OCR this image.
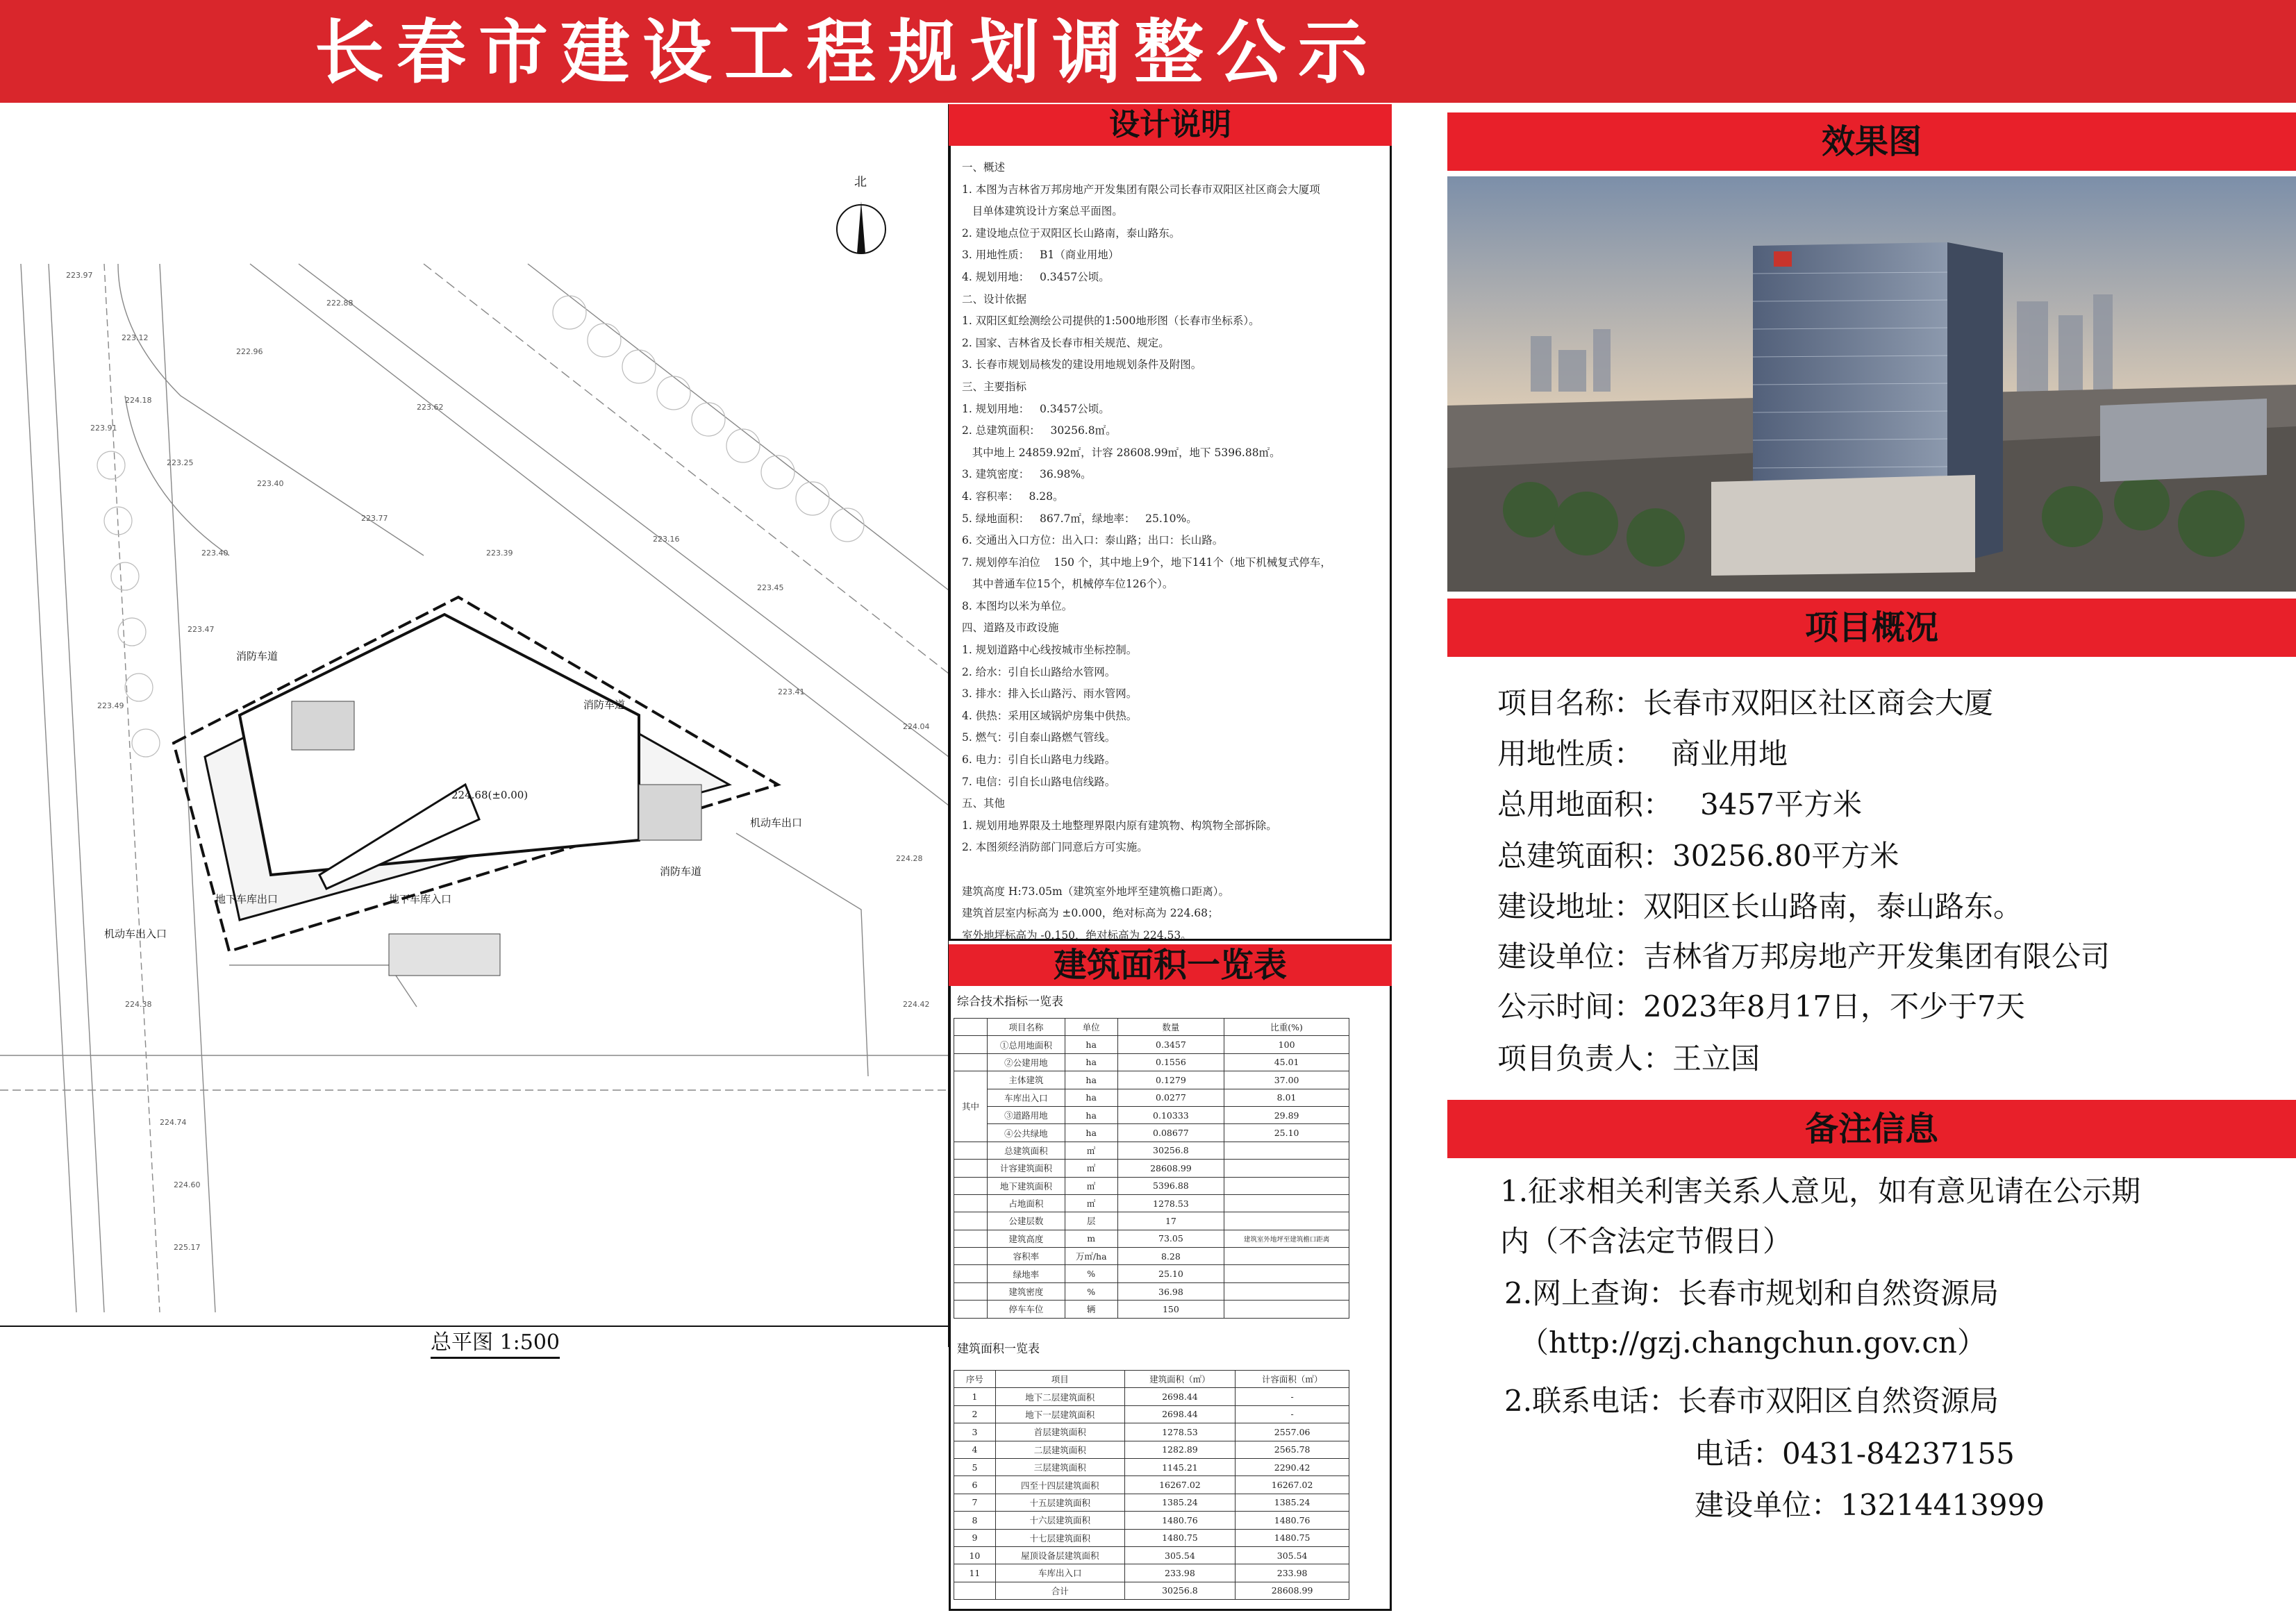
长春市建设工程规划调整公示
223.97
223.12
222.96
222.88
223.62
224.18
223.91
223.25
223.40
223.77
223.39
223.16
223.45
223.40
223.47
223.49
223.41
224.04
224.28
224.42
224.38
224.74
224.60
225.17
消防车道
消防车道
消防车道
地下车库入口
机动车出口
机动车出入口
地下车库出口
224.68(±0.00)
北
总平图 1:500
设计说明
一、概述
1. 本图为吉林省万邦房地产开发集团有限公司长春市双阳区社区商会大厦项
目单体建筑设计方案总平面图。
2. 建设地点位于双阳区长山路南，泰山路东。
3. 用地性质：   B1（商业用地）
4. 规划用地：   0.3457公顷。
二、设计依据
1. 双阳区虹绘测绘公司提供的1:500地形图（长春市坐标系）。
2. 国家、吉林省及长春市相关规范、规定。
3. 长春市规划局核发的建设用地规划条件及附图。
三、主要指标
1. 规划用地：   0.3457公顷。
2. 总建筑面积：   30256.8㎡。
其中地上 24859.92㎡，计容 28608.99㎡，地下 5396.88㎡。
3. 建筑密度：   36.98%。
4. 容积率：   8.28。
5. 绿地面积：   867.7㎡，绿地率：   25.10%。
6. 交通出入口方位：出入口：泰山路；出口：长山路。
7. 规划停车泊位    150 个，其中地上9个，地下141个（地下机械复式停车，
其中普通车位15个，机械停车位126个）。
8. 本图均以米为单位。
四、道路及市政设施
1. 规划道路中心线按城市坐标控制。
2. 给水：引自长山路给水管网。
3. 排水：排入长山路污、雨水管网。
4. 供热：采用区域锅炉房集中供热。
5. 燃气：引自泰山路燃气管线。
6. 电力：引自长山路电力线路。
7. 电信：引自长山路电信线路。
五、其他
1. 规划用地界限及土地整理界限内原有建筑物、构筑物全部拆除。
2. 本图须经消防部门同意后方可实施。

建筑高度 H:73.05m（建筑室外地坪至建筑檐口距离）。
建筑首层室内标高为 ±0.000，绝对标高为 224.68；
室外地坪标高为 -0.150，绝对标高为 224.53。
建筑面积一览表
综合技术指标一览表
	项目名称	单位	数量	比重(%)
	①总用地面积	ha	0.3457	100
	②公建用地	ha	0.1556	45.01
其中	主体建筑	ha	0.1279	37.00
	车库出入口	ha	0.0277	8.01
	③道路用地	ha	0.10333	29.89
	④公共绿地	ha	0.08677	25.10
	总建筑面积	㎡	30256.8	
	计容建筑面积	㎡	28608.99	
	地下建筑面积	㎡	5396.88	
	占地面积	㎡	1278.53	
	公建层数	层	17	
	建筑高度	m	73.05	建筑室外地坪至建筑檐口距离
	容积率	万㎡/ha	8.28	
	绿地率	%	25.10	
	建筑密度	%	36.98	
	停车车位	辆	150	
建筑面积一览表
序号	项目	建筑面积（㎡）	计容面积（㎡）
1	地下二层建筑面积	2698.44	-
2	地下一层建筑面积	2698.44	-
3	首层建筑面积	1278.53	2557.06
4	二层建筑面积	1282.89	2565.78
5	三层建筑面积	1145.21	2290.42
6	四至十四层建筑面积	16267.02	16267.02
7	十五层建筑面积	1385.24	1385.24
8	十六层建筑面积	1480.76	1480.76
9	十七层建筑面积	1480.75	1480.75
10	屋顶设备层建筑面积	305.54	305.54
11	车库出入口	233.98	233.98
	合计	30256.8	28608.99
效果图
项目概况
项目名称：长春市双阳区社区商会大厦
用地性质：   商业用地
总用地面积：   3457平方米
总建筑面积：30256.80平方米
建设地址：双阳区长山路南，泰山路东。
建设单位：吉林省万邦房地产开发集团有限公司
公示时间：2023年8月17日，不少于7天
项目负责人：王立国
备注信息
1.征求相关利害关系人意见，如有意见请在公示期
内（不含法定节假日）
2.网上查询：长春市规划和自然资源局
（http://gzj.changchun.gov.cn）
2.联系电话：长春市双阳区自然资源局
电话：0431-84237155
建设单位：13214413999
